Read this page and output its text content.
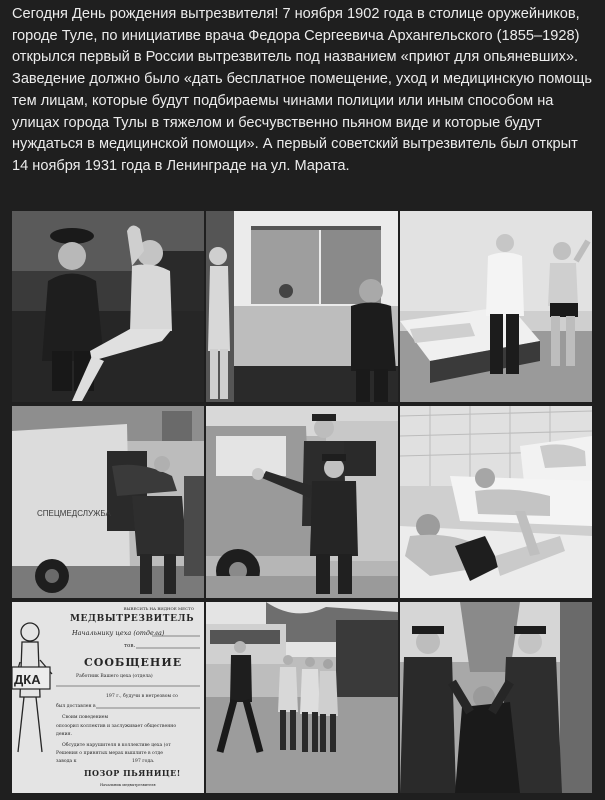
Сегодня День рождения вытрезвителя! 7 ноября 1902 года в столице оружейников, городе Туле, по инициативе врача Федора Сергеевича Архангельского (1855–1928) открылся первый в России вытрезвитель под названием «приют для опьяневших». Заведение должно было «дать бесплатное помещение, уход и медицинскую помощь тем лицам, которые будут подбираемы чинами полиции или иным способом на улицах города Тулы в тяжелом и бесчувственно пьяном виде и которые будут нуждаться в медицинской помощи». А первый советский вытрезвитель был открыт 14 ноября 1931 года в Ленинграде на ул. Марата.

СПЕЦМЕДСЛУЖБА
ДКА
ВЫВЕСИТЬ НА ВИДНОЕ МЕСТО
МЕДВЫТРЕЗВИТЕЛЬ
Начальнику цеха (отдела)
тов.
СООБЩЕНИЕ
Работник Вашего цеха (отдела)
197 г., будучи в нетрезвом со
был доставлен в
Своим поведением
опозорил коллектив и заслуживает общественно
дения.
Обсудите нарушителя в коллективе цеха (от
Решения о принятых мерах вышлите в отде
завода к	197 года.
ПОЗОР ПЬЯНИЦЕ!
Начальник медвытрезвителя
